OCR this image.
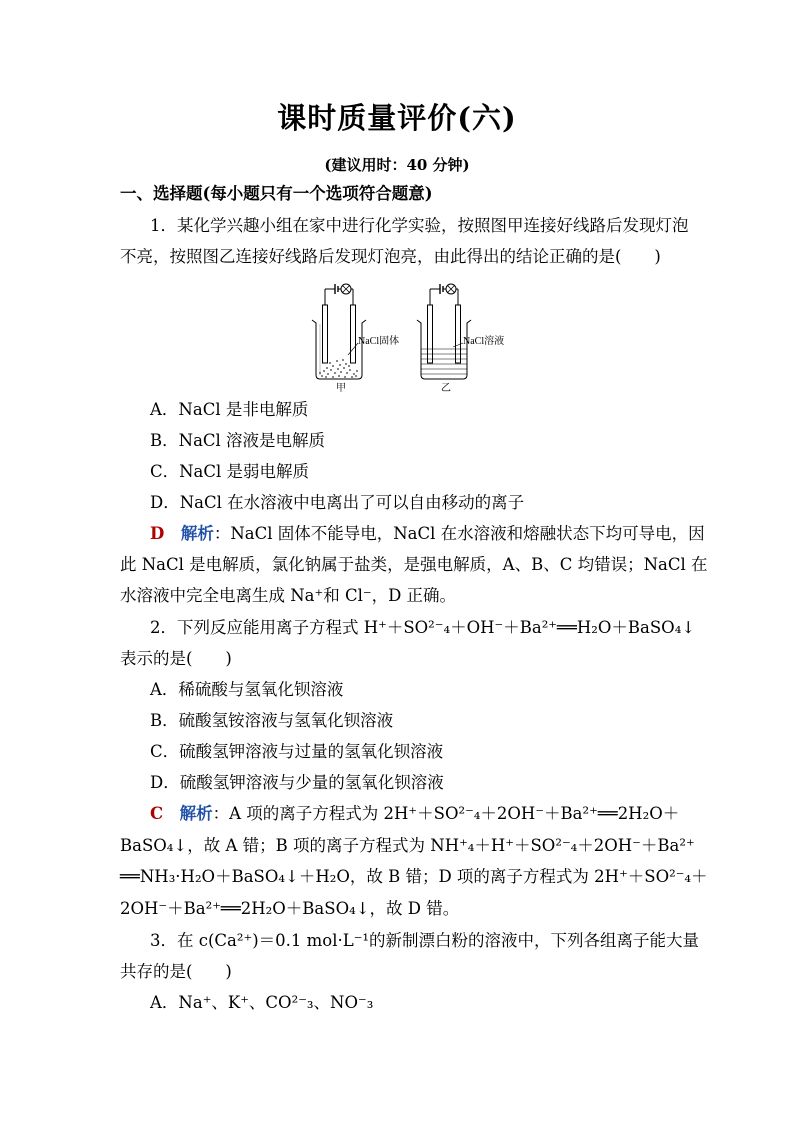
课时质量评价(六)
(建议用时：40 分钟)
一、选择题(每小题只有一个选项符合题意)
1．某化学兴趣小组在家中进行化学实验，按照图甲连接好线路后发现灯泡
不亮，按照图乙连接好线路后发现灯泡亮，由此得出的结论正确的是(　　)
NaCl固体
甲
NaCl溶液
乙
A．NaCl 是非电解质
B．NaCl 溶液是电解质
C．NaCl 是弱电解质
D．NaCl 在水溶液中电离出了可以自由移动的离子
D　 解析：NaCl 固体不能导电，NaCl 在水溶液和熔融状态下均可导电，因
此 NaCl 是电解质，氯化钠属于盐类，是强电解质，A、B、C 均错误；NaCl 在
水溶液中完全电离生成 Na⁺和 Cl⁻，D 正确。
2．下列反应能用离子方程式 H⁺＋SO²⁻₄＋OH⁻＋Ba²⁺══H₂O＋BaSO₄↓
表示的是(　　)
A．稀硫酸与氢氧化钡溶液
B．硫酸氢铵溶液与氢氧化钡溶液
C．硫酸氢钾溶液与过量的氢氧化钡溶液
D．硫酸氢钾溶液与少量的氢氧化钡溶液
C　 解析：A 项的离子方程式为 2H⁺＋SO²⁻₄＋2OH⁻＋Ba²⁺══2H₂O＋
BaSO₄↓，故 A 错；B 项的离子方程式为 NH⁺₄＋H⁺＋SO²⁻₄＋2OH⁻＋Ba²⁺
══NH₃·H₂O＋BaSO₄↓＋H₂O，故 B 错；D 项的离子方程式为 2H⁺＋SO²⁻₄＋
2OH⁻＋Ba²⁺══2H₂O＋BaSO₄↓，故 D 错。
3．在 c(Ca²⁺)＝0.1 mol·L⁻¹的新制漂白粉的溶液中，下列各组离子能大量
共存的是(　　)
A．Na⁺、K⁺、CO²⁻₃、NO⁻₃
